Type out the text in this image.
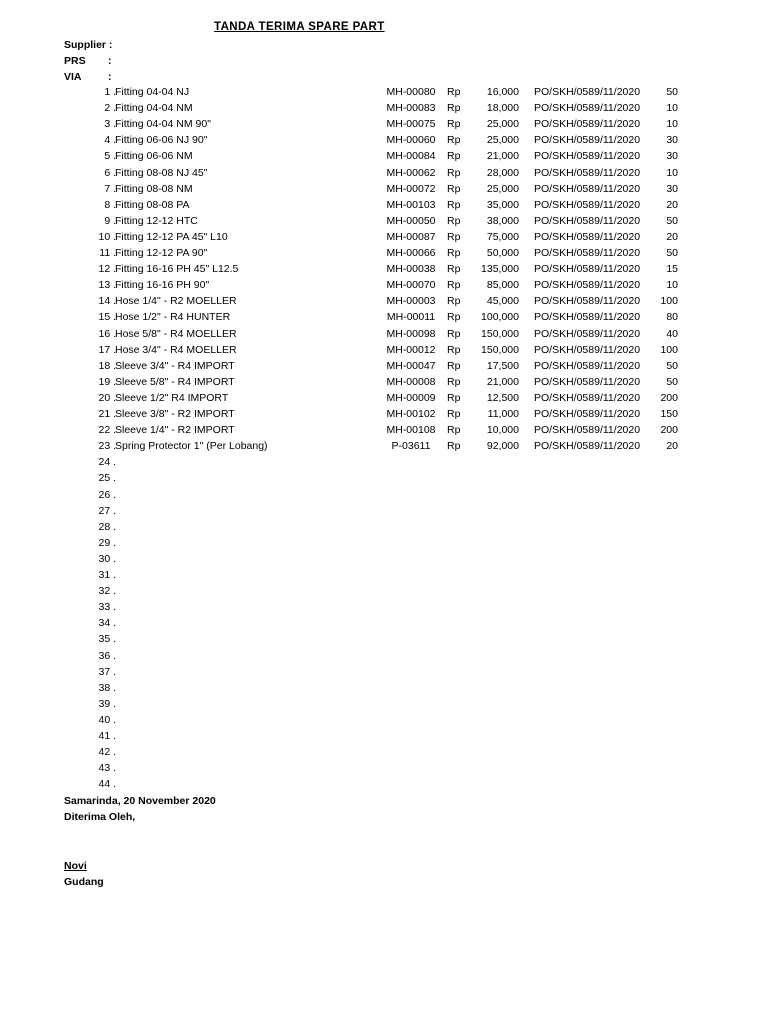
TANDA TERIMA SPARE PART
Supplier :
PRS :
VIA	:
1 . Fitting 04-04 NJ	MH-00080 Rp	16,000 PO/SKH/0589/11/2020	50
2 . Fitting 04-04 NM	MH-00083 Rp	18,000 PO/SKH/0589/11/2020	10
3 . Fitting 04-04 NM 90"	MH-00075 Rp	25,000 PO/SKH/0589/11/2020	10
4 . Fitting 06-06 NJ 90"	MH-00060 Rp	25,000 PO/SKH/0589/11/2020	30
5 . Fitting 06-06 NM	MH-00084 Rp	21,000 PO/SKH/0589/11/2020	30
6 . Fitting 08-08 NJ 45"	MH-00062 Rp	28,000 PO/SKH/0589/11/2020	10
7 . Fitting 08-08 NM	MH-00072 Rp	25,000 PO/SKH/0589/11/2020	30
8 . Fitting 08-08 PA	MH-00103 Rp	35,000 PO/SKH/0589/11/2020	20
9 . Fitting 12-12 HTC	MH-00050 Rp	38,000 PO/SKH/0589/11/2020	50
10 . Fitting 12-12 PA 45" L10	MH-00087 Rp	75,000 PO/SKH/0589/11/2020	20
11 . Fitting 12-12 PA 90"	MH-00066 Rp	50,000 PO/SKH/0589/11/2020	50
12 . Fitting 16-16 PH 45" L12.5	MH-00038 Rp	135,000 PO/SKH/0589/11/2020	15
13 . Fitting 16-16 PH 90"	MH-00070 Rp	85,000 PO/SKH/0589/11/2020	10
14 . Hose 1/4" - R2 MOELLER	MH-00003 Rp	45,000 PO/SKH/0589/11/2020	100
15 . Hose 1/2" - R4 HUNTER	MH-00011 Rp	100,000 PO/SKH/0589/11/2020	80
16 . Hose 5/8" - R4 MOELLER	MH-00098 Rp	150,000 PO/SKH/0589/11/2020	40
17 . Hose 3/4" - R4 MOELLER	MH-00012 Rp	150,000 PO/SKH/0589/11/2020	100
18 . Sleeve 3/4" - R4 IMPORT	MH-00047 Rp	17,500 PO/SKH/0589/11/2020	50
19 . Sleeve 5/8" - R4 IMPORT	MH-00008 Rp	21,000 PO/SKH/0589/11/2020	50
20 . Sleeve 1/2" R4 IMPORT	MH-00009 Rp	12,500 PO/SKH/0589/11/2020	200
21 . Sleeve 3/8" - R2 IMPORT	MH-00102 Rp	11,000 PO/SKH/0589/11/2020	150
22 . Sleeve 1/4" - R2 IMPORT	MH-00108 Rp	10,000 PO/SKH/0589/11/2020	200
23 . Spring Protector 1" (Per Lobang)	P-03611	Rp	92,000 PO/SKH/0589/11/2020	20
24 .
25 .
26 .
27 .
28 .
29 .
30 .
31 .
32 .
33 .
34 .
35 .
36 .
37 .
38 .
39 .
40 .
41 .
42 .
43 .
44 .
Samarinda, 20 November 2020
Diterima Oleh,
Novi
Gudang
